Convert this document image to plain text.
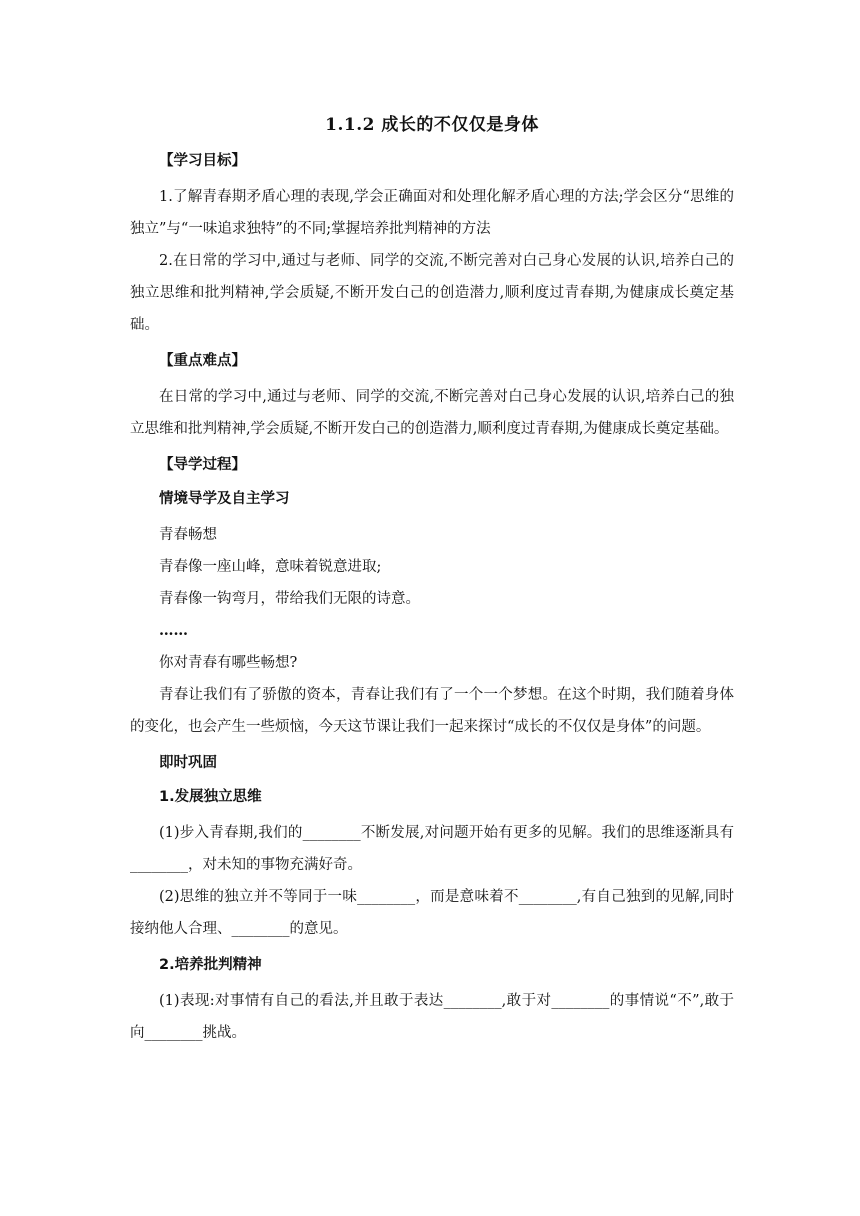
1.1.2 成长的不仅仅是身体
【学习目标】

1.了解青春期矛盾心理的表现,学会正确面对和处理化解矛盾心理的方法;学会区分“思维的独立”与“一味追求独特”的不同;掌握培养批判精神的方法

2.在日常的学习中,通过与老师、同学的交流,不断完善对白己身心发展的认识,培养白己的独立思维和批判精神,学会质疑,不断开发白己的创造潜力,顺利度过青春期,为健康成长奠定基础。

【重点难点】

在日常的学习中,通过与老师、同学的交流,不断完善对白己身心发展的认识,培养白己的独立思维和批判精神,学会质疑,不断开发白己的创造潜力,顺利度过青春期,为健康成长奠定基础。

【导学过程】
情境导学及自主学习

青春畅想

青春像一座山峰，意味着锐意进取;

青春像一钩弯月，带给我们无限的诗意。

……

你对青春有哪些畅想?

青春让我们有了骄傲的资本，青春让我们有了一个一个梦想。在这个时期，我们随着身体的变化，也会产生一些烦恼，今天这节课让我们一起来探讨“成长的不仅仅是身体”的问题。

即时巩固
1.发展独立思维

(1)步入青春期,我们的________不断发展,对问题开始有更多的见解。我们的思维逐渐具有________，对未知的事物充满好奇。

(2)思维的独立并不等同于一味________，而是意味着不________,有自己独到的见解,同时接纳他人合理、________的意见。

2.培养批判精神

(1)表现:对事情有自己的看法,并且敢于表达________,敢于对________的事情说“不”,敢于向________挑战。
